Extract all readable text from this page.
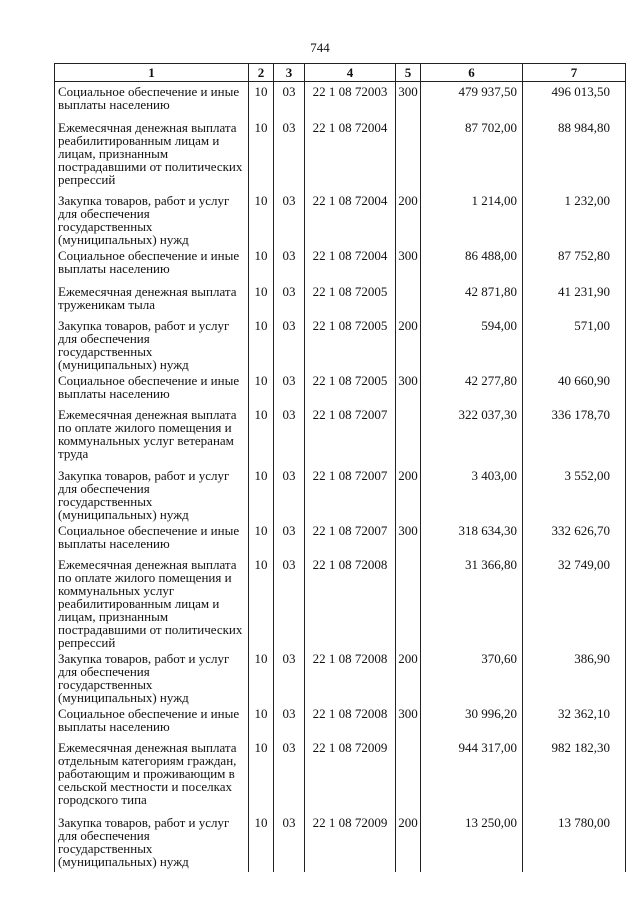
744
1	2	3	4	5	6	7
Социальное обеспечение и иные выплаты населению	10	03	22 1 08 72003	300	479 937,50	496 013,50
Ежемесячная денежная выплата реабилитированным лицам и лицам, признанным пострадавшими от политических репрессий	10	03	22 1 08 72004		87 702,00	88 984,80
Закупка товаров, работ и услуг для обеспечения государственных (муниципальных) нужд	10	03	22 1 08 72004	200	1 214,00	1 232,00
Социальное обеспечение и иные выплаты населению	10	03	22 1 08 72004	300	86 488,00	87 752,80
Ежемесячная денежная выплата труженикам тыла	10	03	22 1 08 72005		42 871,80	41 231,90
Закупка товаров, работ и услуг для обеспечения государственных (муниципальных) нужд	10	03	22 1 08 72005	200	594,00	571,00
Социальное обеспечение и иные выплаты населению	10	03	22 1 08 72005	300	42 277,80	40 660,90
Ежемесячная денежная выплата по оплате жилого помещения и коммунальных услуг ветеранам труда	10	03	22 1 08 72007		322 037,30	336 178,70
Закупка товаров, работ и услуг для обеспечения государственных (муниципальных) нужд	10	03	22 1 08 72007	200	3 403,00	3 552,00
Социальное обеспечение и иные выплаты населению	10	03	22 1 08 72007	300	318 634,30	332 626,70
Ежемесячная денежная выплата по оплате жилого помещения и коммунальных услуг реабилитированным лицам и лицам, признанным пострадавшими от политических репрессий	10	03	22 1 08 72008		31 366,80	32 749,00
Закупка товаров, работ и услуг для обеспечения государственных (муниципальных) нужд	10	03	22 1 08 72008	200	370,60	386,90
Социальное обеспечение и иные выплаты населению	10	03	22 1 08 72008	300	30 996,20	32 362,10
Ежемесячная денежная выплата отдельным категориям граждан, работающим и проживающим в сельской местности и поселках городского типа	10	03	22 1 08 72009		944 317,00	982 182,30
Закупка товаров, работ и услуг для обеспечения государственных (муниципальных) нужд	10	03	22 1 08 72009	200	13 250,00	13 780,00
